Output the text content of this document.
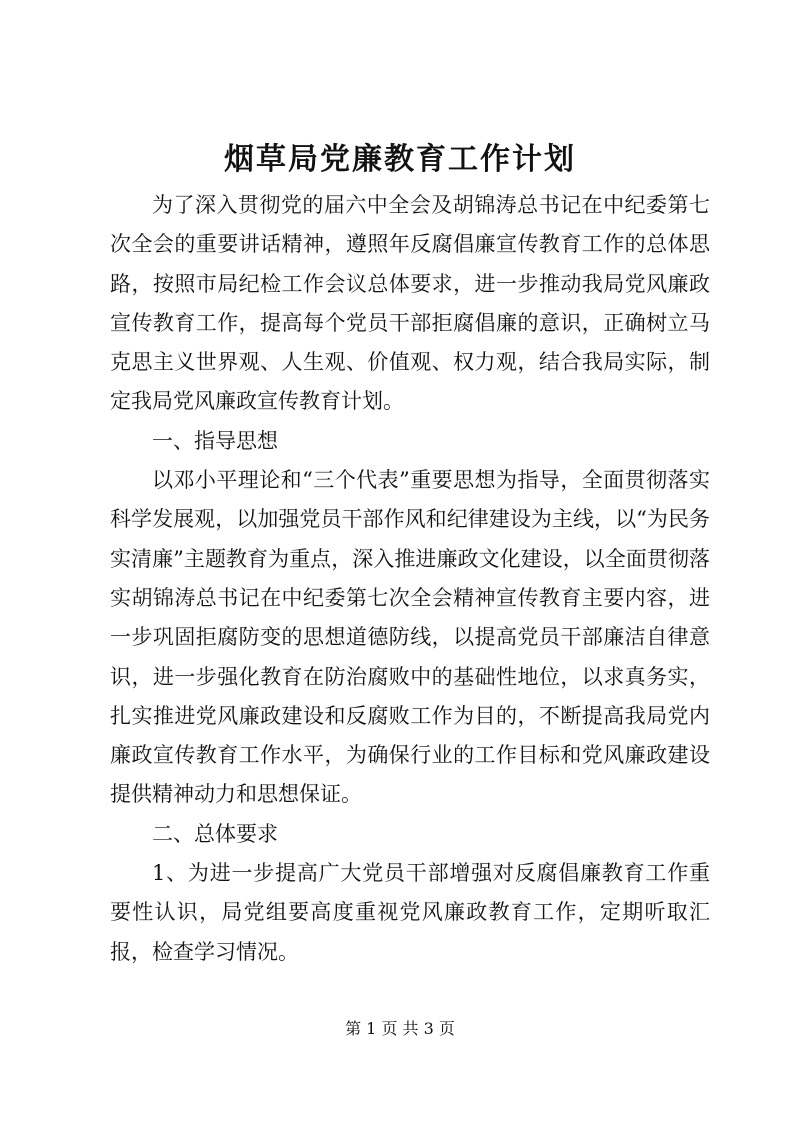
烟草局党廉教育工作计划

为了深入贯彻党的届六中全会及胡锦涛总书记在中纪委第七次全会的重要讲话精神，遵照年反腐倡廉宣传教育工作的总体思路，按照市局纪检工作会议总体要求，进一步推动我局党风廉政宣传教育工作，提高每个党员干部拒腐倡廉的意识，正确树立马克思主义世界观、人生观、价值观、权力观，结合我局实际，制定我局党风廉政宣传教育计划。

一、指导思想

以邓小平理论和“三个代表”重要思想为指导，全面贯彻落实科学发展观，以加强党员干部作风和纪律建设为主线，以“为民务实清廉”主题教育为重点，深入推进廉政文化建设，以全面贯彻落实胡锦涛总书记在中纪委第七次全会精神宣传教育主要内容，进一步巩固拒腐防变的思想道德防线，以提高党员干部廉洁自律意识，进一步强化教育在防治腐败中的基础性地位，以求真务实，扎实推进党风廉政建设和反腐败工作为目的，不断提高我局党内廉政宣传教育工作水平，为确保行业的工作目标和党风廉政建设提供精神动力和思想保证。

二、总体要求

1、为进一步提高广大党员干部增强对反腐倡廉教育工作重要性认识，局党组要高度重视党风廉政教育工作，定期听取汇报，检查学习情况。

第 1 页 共 3 页
